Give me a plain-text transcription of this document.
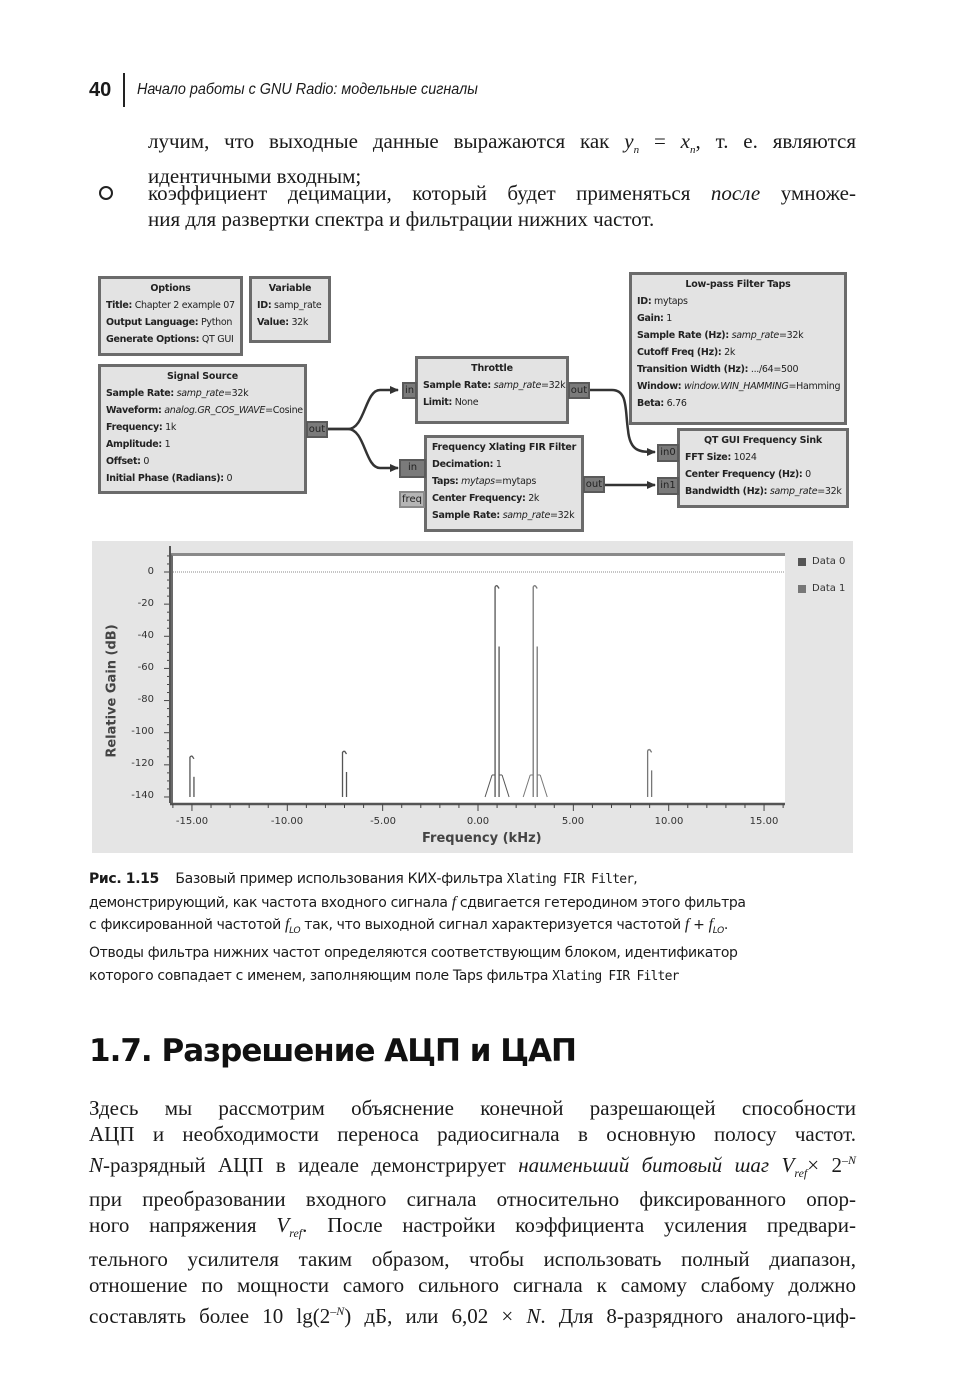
40	Начало работы с GNU Radio: модельные сигналы
лучим, что выходные данные выражаются как $y_n = x_n$, т. е. являются
идентичными входным;
коэффициент децимации, который будет применяться после умноже-
ния для развертки спектра и фильтрации нижних частот.
Options
Title: Chapter 2 example 07
Output Language: Python
Generate Options: QT GUI
Variable
ID: samp_rate
Value: 32k
Signal Source
Sample Rate: samp_rate=32k
Waveform: analog.GR_COS_WAVE=Cosine
Frequency: 1k
Amplitude: 1
Offset: 0
Initial Phase (Radians): 0
out
Throttle
Sample Rate: samp_rate=32k
Limit: None
in	out
Frequency Xlating FIR Filter
Decimation: 1
Taps: mytaps=mytaps
Center Frequency: 2k
Sample Rate: samp_rate=32k
in
freq
out
Low-pass Filter Taps
ID: mytaps
Gain: 1
Sample Rate (Hz): samp_rate=32k
Cutoff Freq (Hz): 2k
Transition Width (Hz): .../64=500
Window: window.WIN_HAMMING=Hamming
Beta: 6.76
QT GUI Frequency Sink
FFT Size: 1024
Center Frequency (Hz): 0
Bandwidth (Hz): samp_rate=32k
in0
in1
Relative Gain (dB)
0
-20
-40
-60
-80
-100
-120
-140
-15.00	-10.00	-5.00	0.00	5.00	10.00	15.00
Frequency (kHz)
Data 0
Data 1
Рис. 1.15 Базовый пример использования КИХ-фильтра Xlating FIR Filter,
демонстрирующий, как частота входного сигнала f сдвигается гетеродином этого фильтра
с фиксированной частотой $f_{LO}$ так, что выходной сигнал характеризуется частотой $f + f_{LO}$.
Отводы фильтра нижних частот определяются соответствующим блоком, идентификатор
которого совпадает с именем, заполняющим поле Taps фильтра Xlating FIR Filter
1.7. Разрешение АЦП и ЦАП
Здесь мы рассмотрим объяснение конечной разрешающей способности
АЦП и необходимости переноса радиосигнала в основную полосу частот.
N-разрядный АЦП в идеале демонстрирует наименьший битовый шаг $V_{ref}\times 2^{-N}$
при преобразовании входного сигнала относительно фиксированного опор-
ного напряжения $V_{ref}$. После настройки коэффициента усиления предвари-
тельного усилителя таким образом, чтобы использовать полный диапазон,
отношение по мощности самого сильного сигнала к самому слабому должно
составлять более 10 $\lg(2^{-N})$ дБ, или 6,02 × N. Для 8-разрядного аналого-циф-
